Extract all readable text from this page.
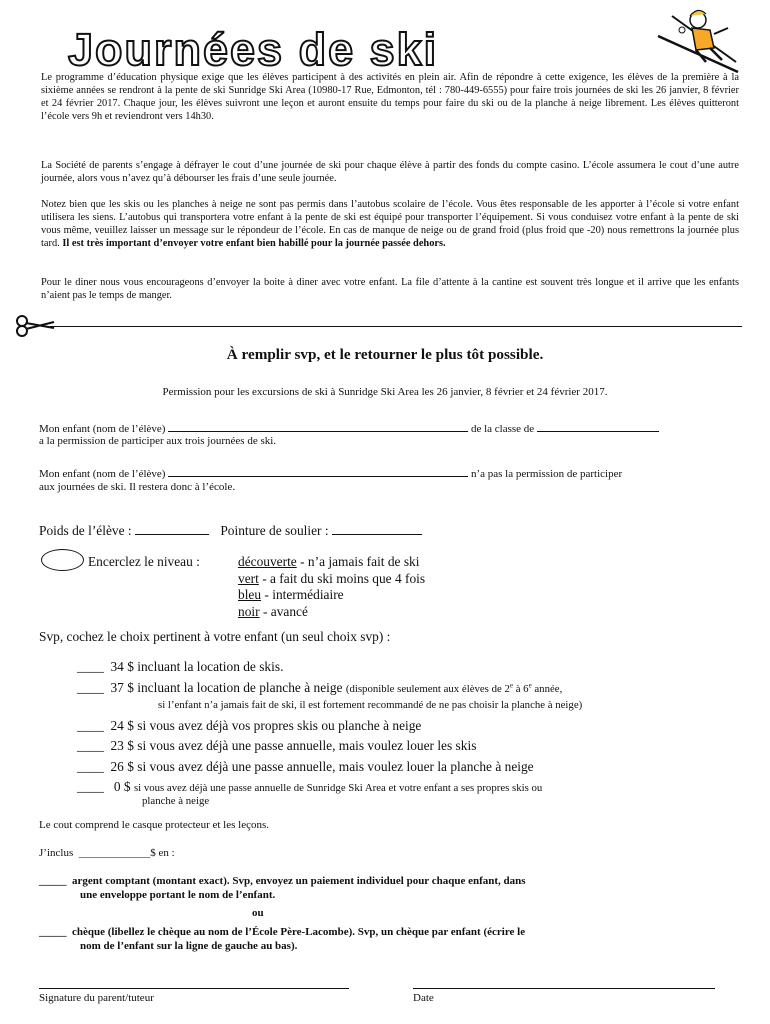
Journées de ski

Le programme d’éducation physique exige que les élèves participent à des activités en plein air. Afin de répondre à cette exigence, les élèves de la première à la sixième années se rendront à la pente de ski Sunridge Ski Area (10980-17 Rue, Edmonton, tél : 780-449-6555) pour faire trois journées de ski les 26 janvier, 8 février et 24 février 2017. Chaque jour, les élèves suivront une leçon et auront ensuite du temps pour faire du ski ou de la planche à neige librement. Les élèves quitteront l’école vers 9h et reviendront vers 14h30.

La Société de parents s’engage à défrayer le cout d’une journée de ski pour chaque élève à partir des fonds du compte casino. L’école assumera le cout d’une autre journée, alors vous n’avez qu’à débourser les frais d’une seule journée.

Notez bien que les skis ou les planches à neige ne sont pas permis dans l’autobus scolaire de l’école. Vous êtes responsable de les apporter à l’école si votre enfant utilisera les siens. L’autobus qui transportera votre enfant à la pente de ski est équipé pour transporter l’équipement. Si vous conduisez votre enfant à la pente de ski vous même, veuillez laisser un message sur le répondeur de l’école. En cas de manque de neige ou de grand froid (plus froid que -20) nous remettrons la journée plus tard. Il est très important d’envoyer votre enfant bien habillé pour la journée passée dehors.

Pour le diner nous vous encourageons d’envoyer la boite à diner avec votre enfant. La file d’attente à la cantine est souvent très longue et il arrive que les enfants n’aient pas le temps de manger.

À remplir svp, et le retourner le plus tôt possible.
Permission pour les excursions de ski à Sunridge Ski Area les 26 janvier, 8 février et 24 février 2017.
Mon enfant (nom de l’élève)	de la classe de
a la permission de participer aux trois journées de ski.
Mon enfant (nom de l’élève)	n’a pas la permission de participer
aux journées de ski. Il restera donc à l’école.
Poids de l’élève :	Pointure de soulier :
Encerclez le niveau :	découverte - n’a jamais fait de ski
vert - a fait du ski moins que 4 fois
bleu - intermédiaire
noir - avancé
Svp, cochez le choix pertinent à votre enfant (un seul choix svp) :
____ 34 $ incluant la location de skis.
____ 37 $ incluant la location de planche à neige (disponible seulement aux élèves de 2e à 6e année,
si l’enfant n’a jamais fait de ski, il est fortement recommandé de ne pas choisir la planche à neige)
____ 24 $ si vous avez déjà vos propres skis ou planche à neige
____ 23 $ si vous avez déjà une passe annuelle, mais voulez louer les skis
____ 26 $ si vous avez déjà une passe annuelle, mais voulez louer la planche à neige
____ 0 $ si vous avez déjà une passe annuelle de Sunridge Ski Area et votre enfant a ses propres skis ou
planche à neige
Le cout comprend le casque protecteur et les leçons.
J’inclus _____________$ en :
_____ argent comptant (montant exact). Svp, envoyez un paiement individuel pour chaque enfant, dans
une enveloppe portant le nom de l’enfant.
ou
_____ chèque (libellez le chèque au nom de l’École Père-Lacombe). Svp, un chèque par enfant (écrire le
nom de l’enfant sur la ligne de gauche au bas).
Signature du parent/tuteur	Date
